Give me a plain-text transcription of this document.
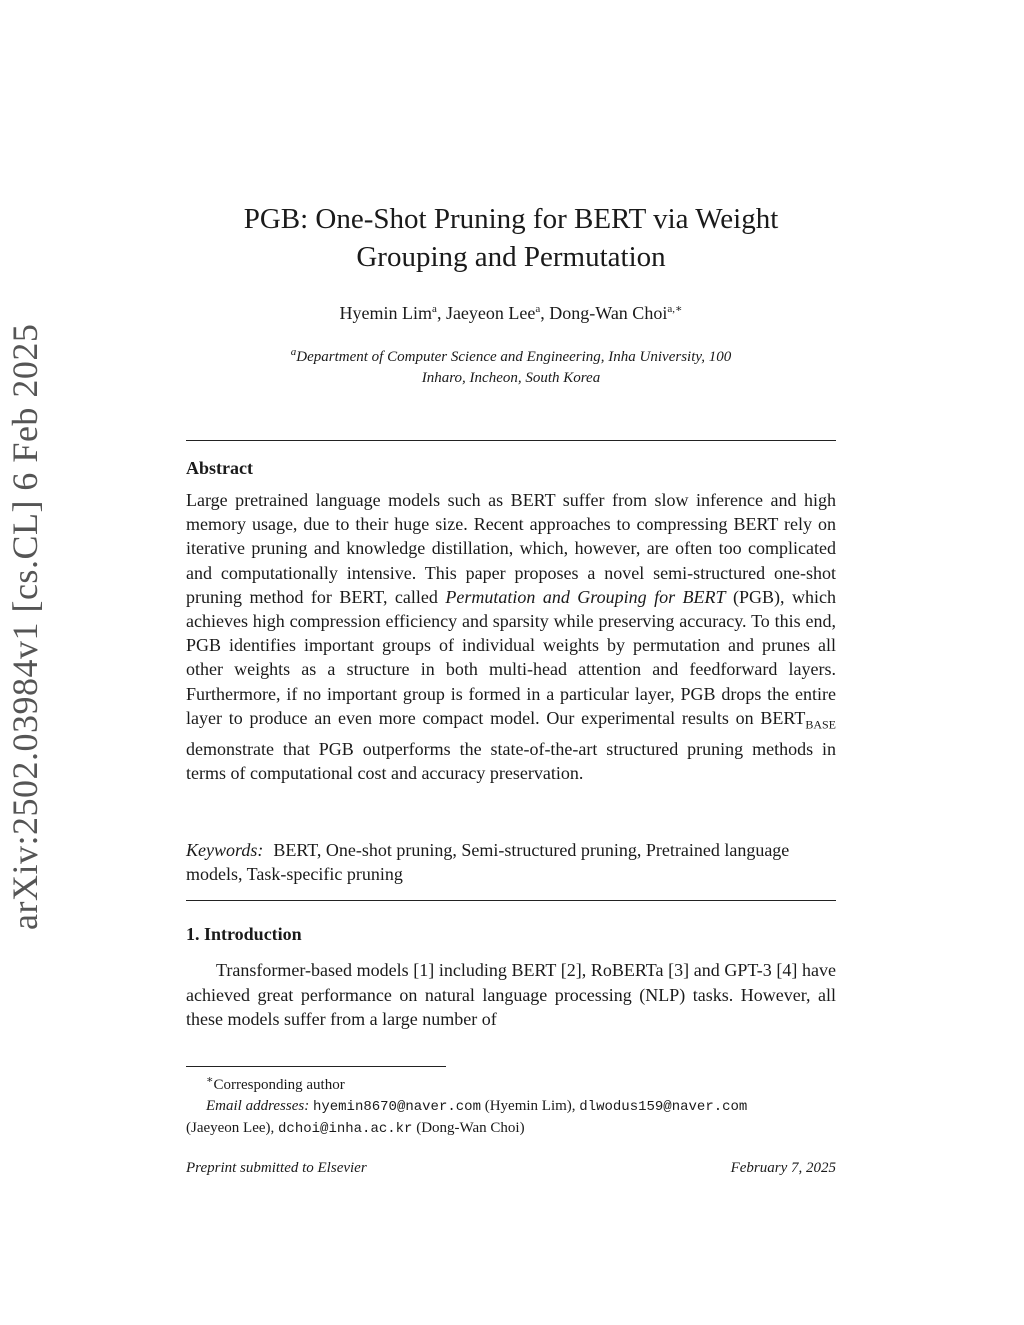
arXiv:2502.03984v1 [cs.CL] 6 Feb 2025
PGB: One-Shot Pruning for BERT via Weight
Grouping and Permutation
Hyemin Lim$^a$, Jaeyeon Lee$^a$, Dong-Wan Choi$^{a,∗}$
$^a$Department of Computer Science and Engineering, Inha University, 100
Inharo, Incheon, South Korea
Abstract

Large pretrained language models such as BERT suffer from slow inference and high memory usage, due to their huge size. Recent approaches to compressing BERT rely on iterative pruning and knowledge distillation, which, however, are often too complicated and computationally intensive. This paper proposes a novel semi-structured one-shot pruning method for BERT, called Permutation and Grouping for BERT (PGB), which achieves high compression efficiency and sparsity while preserving accuracy. To this end, PGB identifies important groups of individual weights by permutation and prunes all other weights as a structure in both multi-head attention and feedforward layers. Furthermore, if no important group is formed in a particular layer, PGB drops the entire layer to produce an even more compact model. Our experimental results on $BERT_{BASE}$ demonstrate that PGB outperforms the state-of-the-art structured pruning methods in terms of computational cost and accuracy preservation.

Keywords: BERT, One-shot pruning, Semi-structured pruning, Pretrained language models, Task-specific pruning

1. Introduction

Transformer-based models [1] including BERT [2], RoBERTa [3] and GPT-3 [4] have achieved great performance on natural language processing (NLP) tasks. However, all these models suffer from a large number of

∗Corresponding author
Email addresses: hyemin8670@naver.com (Hyemin Lim), dlwodus159@naver.com
(Jaeyeon Lee), dchoi@inha.ac.kr (Dong-Wan Choi)
Preprint submitted to Elsevier	February 7, 2025
